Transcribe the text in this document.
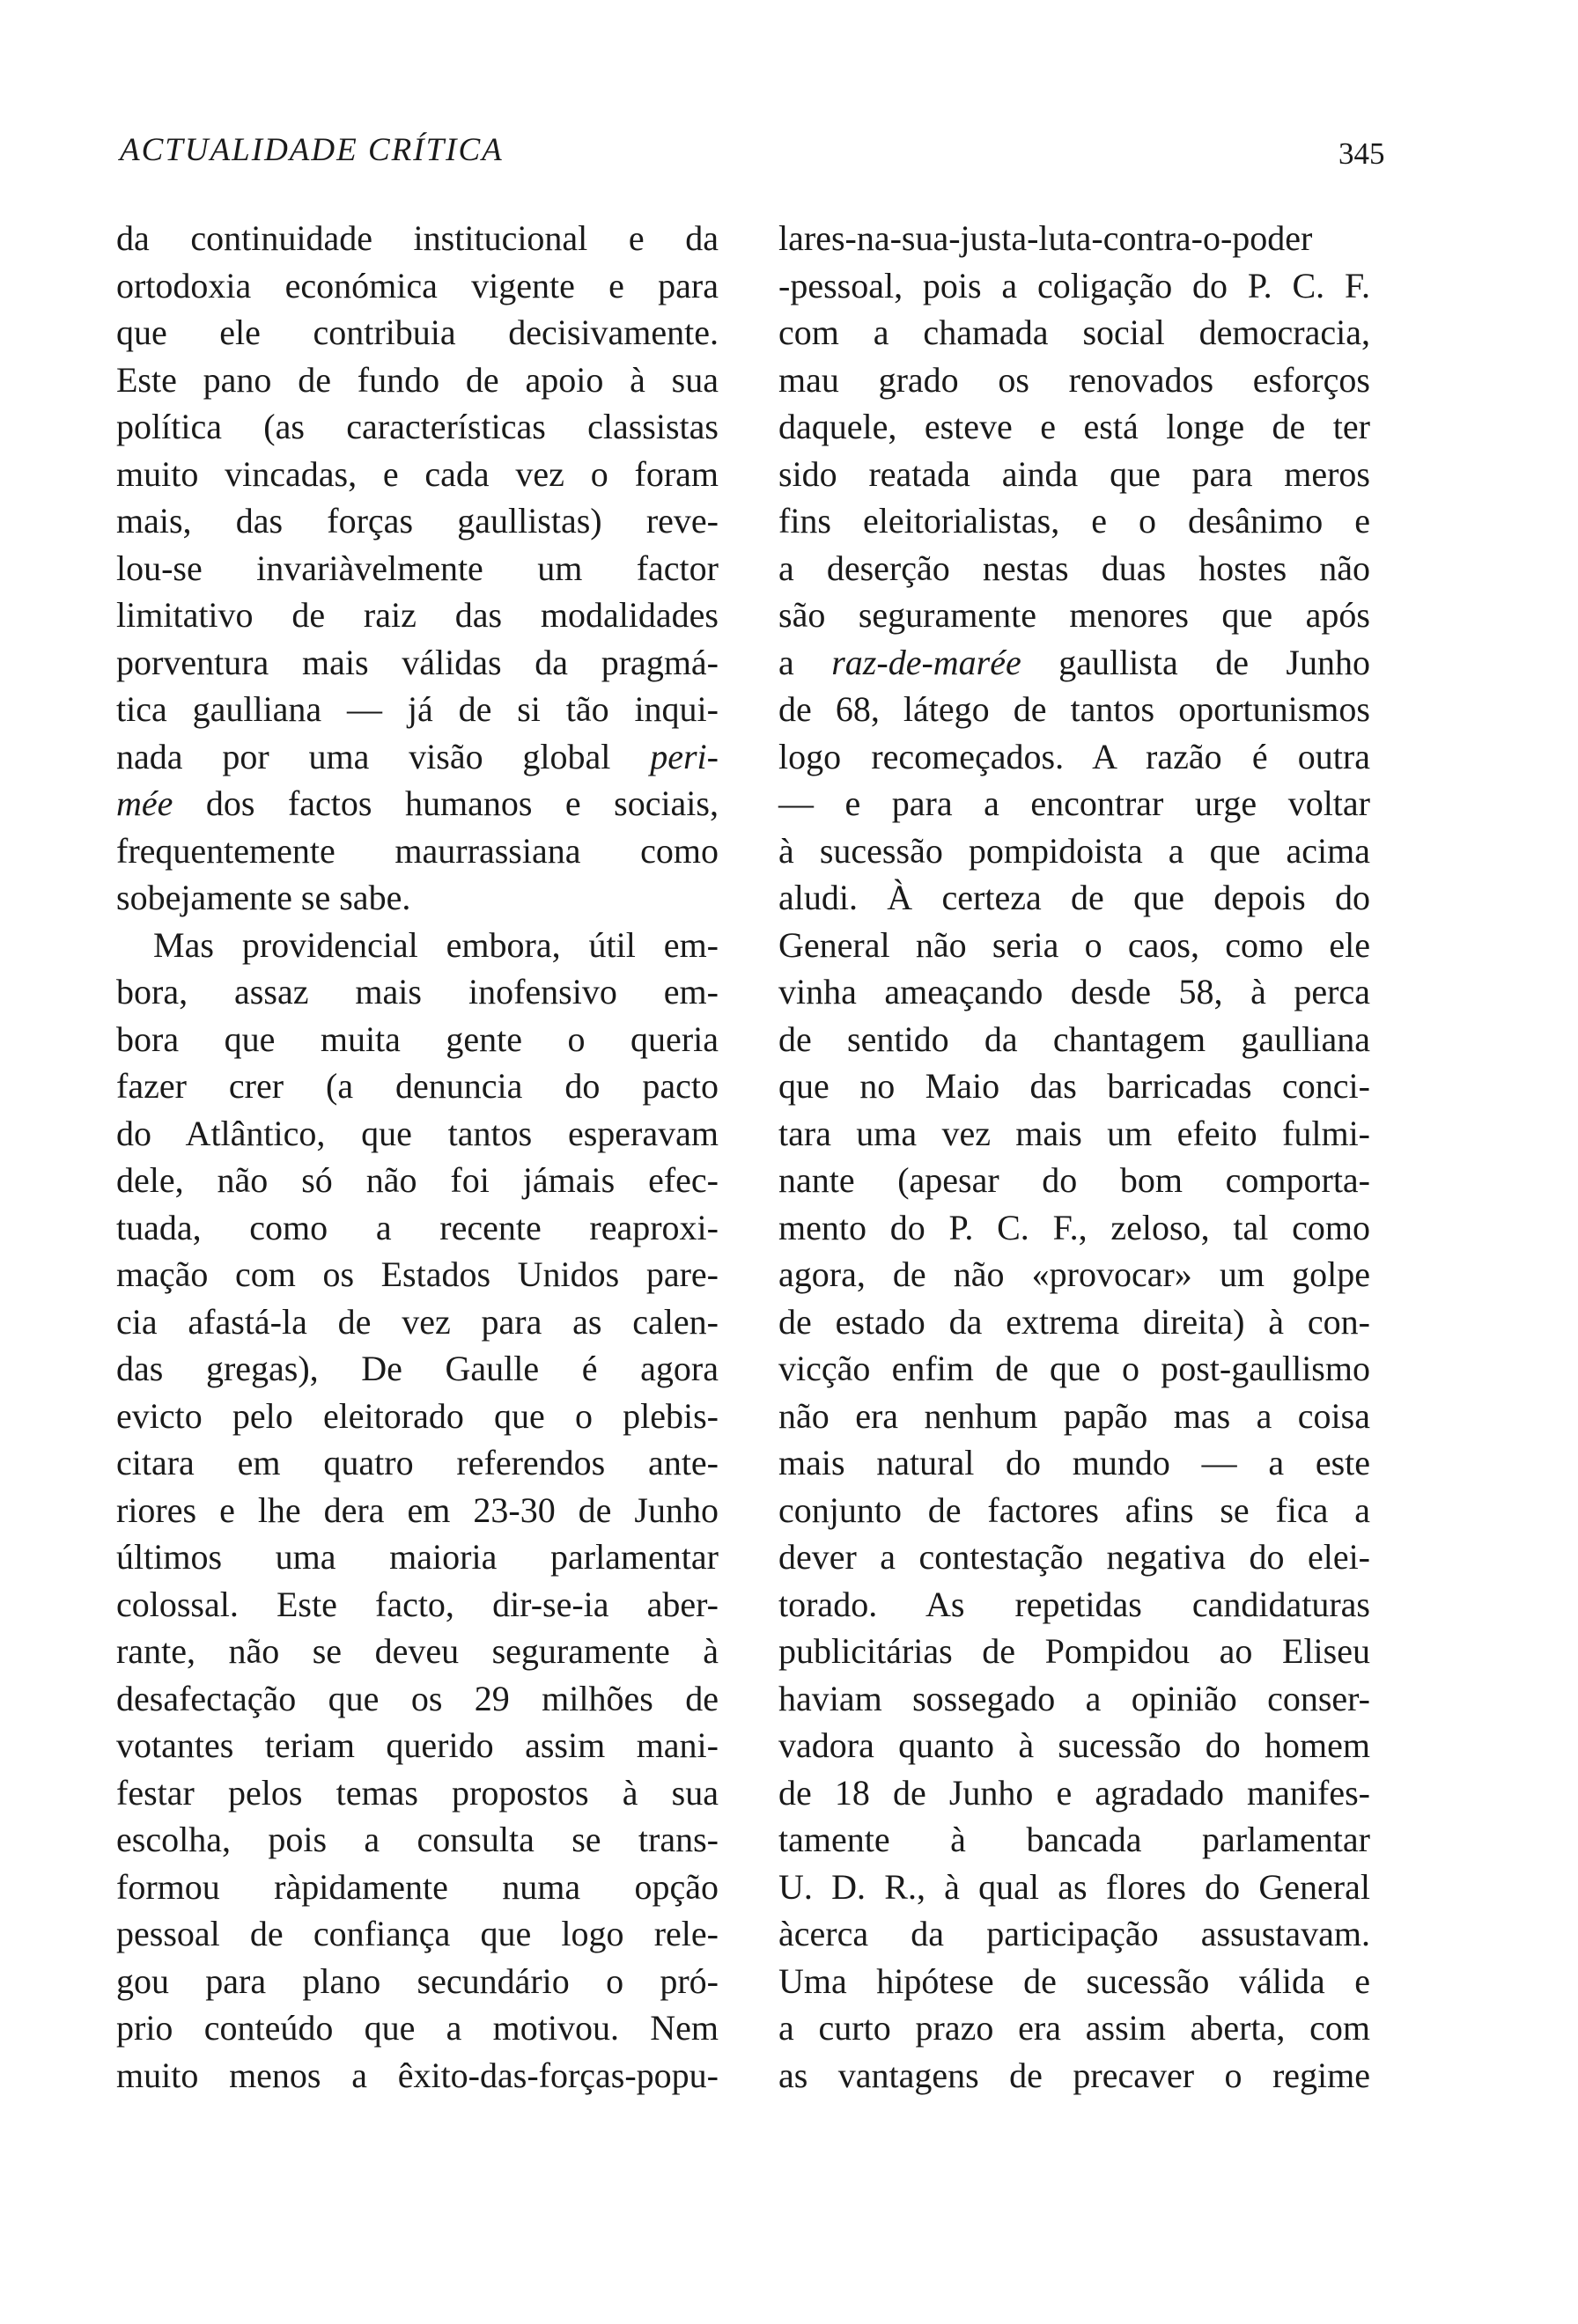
ACTUALIDADE CRÍTICA	345
da continuidade institucional e da
ortodoxia económica vigente e para
que ele contribuia decisivamente.
Este pano de fundo de apoio à sua
política (as características classistas
muito vincadas, e cada vez o foram
mais, das forças gaullistas) reve-
lou-se invariàvelmente um factor
limitativo de raiz das modalidades
porventura mais válidas da pragmá-
tica gaulliana — já de si tão inqui-
nada por uma visão global peri-
mée dos factos humanos e sociais,
frequentemente maurrassiana como
sobejamente se sabe.
Mas providencial embora, útil em-
bora, assaz mais inofensivo em-
bora que muita gente o queria
fazer crer (a denuncia do pacto
do Atlântico, que tantos esperavam
dele, não só não foi jámais efec-
tuada, como a recente reaproxi-
mação com os Estados Unidos pare-
cia afastá-la de vez para as calen-
das gregas), De Gaulle é agora
evicto pelo eleitorado que o plebis-
citara em quatro referendos ante-
riores e lhe dera em 23-30 de Junho
últimos uma maioria parlamentar
colossal. Este facto, dir-se-ia aber-
rante, não se deveu seguramente à
desafectação que os 29 milhões de
votantes teriam querido assim mani-
festar pelos temas propostos à sua
escolha, pois a consulta se trans-
formou ràpidamente numa opção
pessoal de confiança que logo rele-
gou para plano secundário o pró-
prio conteúdo que a motivou. Nem
muito menos a êxito-das-forças-popu-
lares-na-sua-justa-luta-contra-o-poder
-pessoal, pois a coligação do P. C. F.
com a chamada social democracia,
mau grado os renovados esforços
daquele, esteve e está longe de ter
sido reatada ainda que para meros
fins eleitorialistas, e o desânimo e
a deserção nestas duas hostes não
são seguramente menores que após
a raz-de-marée gaullista de Junho
de 68, látego de tantos oportunismos
logo recomeçados. A razão é outra
— e para a encontrar urge voltar
à sucessão pompidoista a que acima
aludi. À certeza de que depois do
General não seria o caos, como ele
vinha ameaçando desde 58, à perca
de sentido da chantagem gaulliana
que no Maio das barricadas conci-
tara uma vez mais um efeito fulmi-
nante (apesar do bom comporta-
mento do P. C. F., zeloso, tal como
agora, de não «provocar» um golpe
de estado da extrema direita) à con-
vicção enfim de que o post-gaullismo
não era nenhum papão mas a coisa
mais natural do mundo — a este
conjunto de factores afins se fica a
dever a contestação negativa do elei-
torado. As repetidas candidaturas
publicitárias de Pompidou ao Eliseu
haviam sossegado a opinião conser-
vadora quanto à sucessão do homem
de 18 de Junho e agradado manifes-
tamente à bancada parlamentar
U. D. R., à qual as flores do General
àcerca da participação assustavam.
Uma hipótese de sucessão válida e
a curto prazo era assim aberta, com
as vantagens de precaver o regime
